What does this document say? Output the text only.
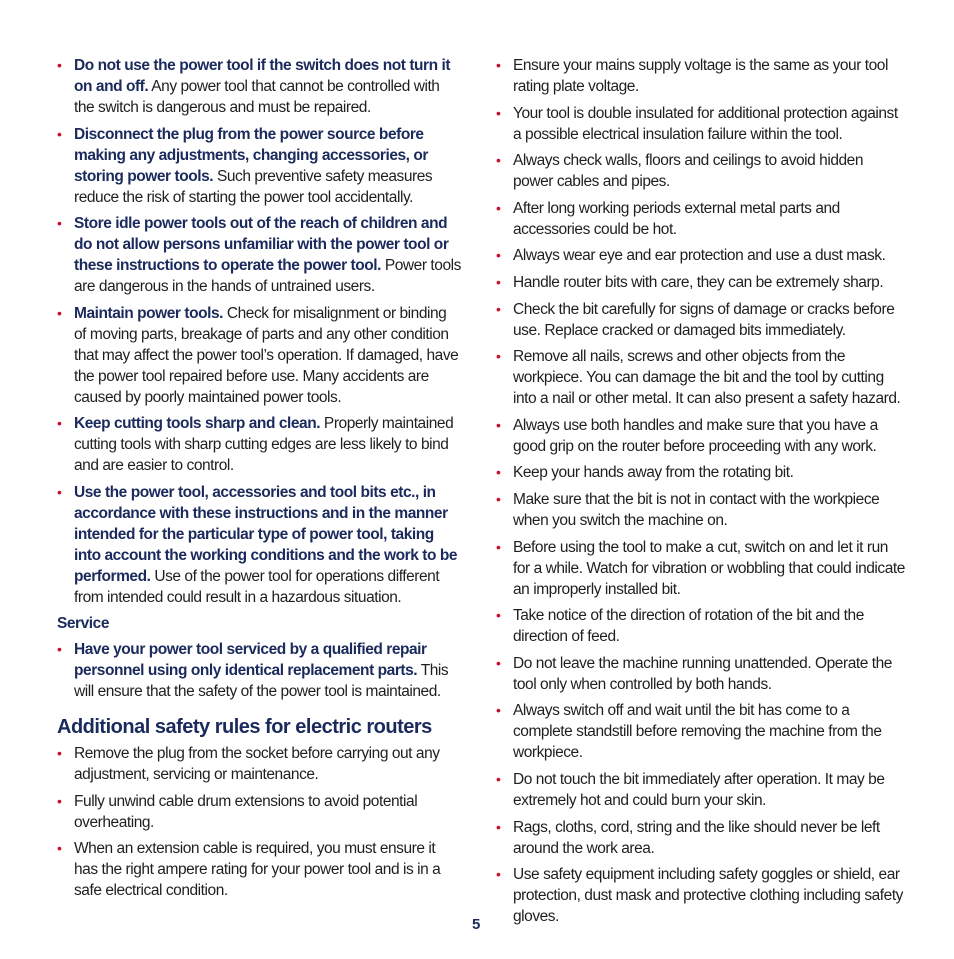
• Do not use the power tool if the switch does not turn it on and off. Any power tool that cannot be controlled with the switch is dangerous and must be repaired.
• Disconnect the plug from the power source before making any adjustments, changing accessories, or storing power tools. Such preventive safety measures reduce the risk of starting the power tool accidentally.
• Store idle power tools out of the reach of children and do not allow persons unfamiliar with the power tool or these instructions to operate the power tool. Power tools are dangerous in the hands of untrained users.
• Maintain power tools. Check for misalignment or binding of moving parts, breakage of parts and any other condition that may affect the power tool’s operation. If damaged, have the power tool repaired before use. Many accidents are caused by poorly maintained power tools.
• Keep cutting tools sharp and clean. Properly maintained cutting tools with sharp cutting edges are less likely to bind and are easier to control.
• Use the power tool, accessories and tool bits etc., in accordance with these instructions and in the manner intended for the particular type of power tool, taking into account the working conditions and the work to be performed. Use of the power tool for operations different from intended could result in a hazardous situation.
Service
• Have your power tool serviced by a qualified repair personnel using only identical replacement parts. This will ensure that the safety of the power tool is maintained.
Additional safety rules for electric routers
• Remove the plug from the socket before carrying out any adjustment, servicing or maintenance.
• Fully unwind cable drum extensions to avoid potential overheating.
• When an extension cable is required, you must ensure it has the right ampere rating for your power tool and is in a safe electrical condition.
• Ensure your mains supply voltage is the same as your tool rating plate voltage.
• Your tool is double insulated for additional protection against a possible electrical insulation failure within the tool.
• Always check walls, floors and ceilings to avoid hidden power cables and pipes.
• After long working periods external metal parts and accessories could be hot.
• Always wear eye and ear protection and use a dust mask.
• Handle router bits with care, they can be extremely sharp.
• Check the bit carefully for signs of damage or cracks before use. Replace cracked or damaged bits immediately.
• Remove all nails, screws and other objects from the workpiece. You can damage the bit and the tool by cutting into a nail or other metal. It can also present a safety hazard.
• Always use both handles and make sure that you have a good grip on the router before proceeding with any work.
• Keep your hands away from the rotating bit.
• Make sure that the bit is not in contact with the workpiece when you switch the machine on.
• Before using the tool to make a cut, switch on and let it run for a while. Watch for vibration or wobbling that could indicate an improperly installed bit.
• Take notice of the direction of rotation of the bit and the direction of feed.
• Do not leave the machine running unattended. Operate the tool only when controlled by both hands.
• Always switch off and wait until the bit has come to a complete standstill before removing the machine from the workpiece.
• Do not touch the bit immediately after operation. It may be extremely hot and could burn your skin.
• Rags, cloths, cord, string and the like should never be left around the work area.
• Use safety equipment including safety goggles or shield, ear protection, dust mask and protective clothing including safety gloves.
5
